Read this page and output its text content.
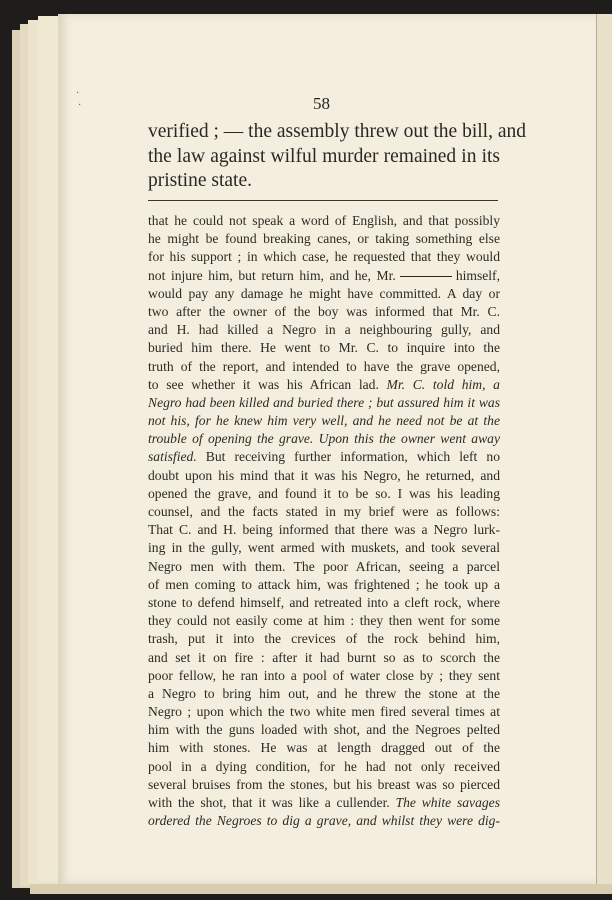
·
·	58
verified ; — the assembly threw out the bill, and
the law against wilful murder remained in its
pristine state.
that he could not speak a word of English, and that possibly
he might be found breaking canes, or taking something else
for his support ; in which case, he requested that they would
not injure him, but return him, and he, Mr.	himself,
would pay any damage he might have committed. A day or
two after the owner of the boy was informed that Mr. C.
and H. had killed a Negro in a neighbouring gully, and
buried him there. He went to Mr. C. to inquire into the
truth of the report, and intended to have the grave opened,
to see whether it was his African lad. Mr. C. told him, a
Negro had been killed and buried there ; but assured him it was
not his, for he knew him very well, and he need not be at the
trouble of opening the grave. Upon this the owner went away
satisfied. But receiving further information, which left no
doubt upon his mind that it was his Negro, he returned, and
opened the grave, and found it to be so. I was his leading
counsel, and the facts stated in my brief were as follows:
That C. and H. being informed that there was a Negro lurk-
ing in the gully, went armed with muskets, and took several
Negro men with them. The poor African, seeing a parcel
of men coming to attack him, was frightened ; he took up a
stone to defend himself, and retreated into a cleft rock, where
they could not easily come at him : they then went for some
trash, put it into the crevices of the rock behind him,
and set it on fire : after it had burnt so as to scorch the
poor fellow, he ran into a pool of water close by ; they sent
a Negro to bring him out, and he threw the stone at the
Negro ; upon which the two white men fired several times at
him with the guns loaded with shot, and the Negroes pelted
him with stones. He was at length dragged out of the
pool in a dying condition, for he had not only received
several bruises from the stones, but his breast was so pierced
with the shot, that it was like a cullender. The white savages
ordered the Negroes to dig a grave, and whilst they were dig-
